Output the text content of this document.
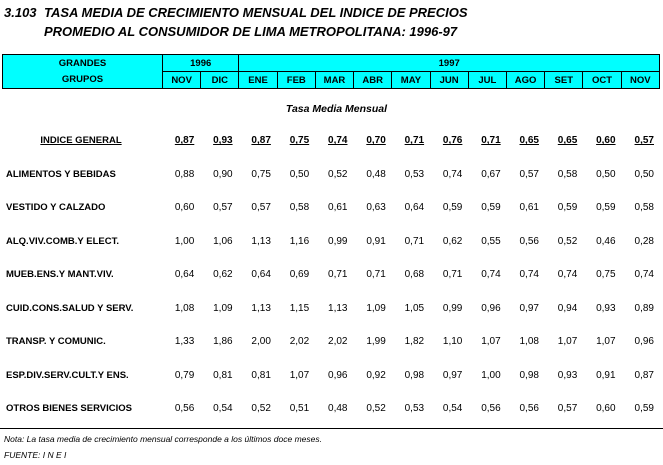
3.103 TASA MEDIA DE CRECIMIENTO MENSUAL DEL INDICE DE PRECIOS
PROMEDIO AL CONSUMIDOR DE LIMA METROPOLITANA: 1996-97
GRANDES	1996		1997										
GRUPOS	NOV	DIC	ENE	FEB	MAR	ABR	MAY	JUN	JUL	AGO	SET	OCT	NOV
Tasa Media Mensual
INDICE GENERAL	0,87	0,93	0,87	0,75	0,74	0,70	0,71	0,76	0,71	0,65	0,65	0,60	0,57
ALIMENTOS Y BEBIDAS	0,88	0,90	0,75	0,50	0,52	0,48	0,53	0,74	0,67	0,57	0,58	0,50	0,50
VESTIDO Y CALZADO	0,60	0,57	0,57	0,58	0,61	0,63	0,64	0,59	0,59	0,61	0,59	0,59	0,58
ALQ.VIV.COMB.Y ELECT.	1,00	1,06	1,13	1,16	0,99	0,91	0,71	0,62	0,55	0,56	0,52	0,46	0,28
MUEB.ENS.Y MANT.VIV.	0,64	0,62	0,64	0,69	0,71	0,71	0,68	0,71	0,74	0,74	0,74	0,75	0,74
CUID.CONS.SALUD Y SERV.	1,08	1,09	1,13	1,15	1,13	1,09	1,05	0,99	0,96	0,97	0,94	0,93	0,89
TRANSP. Y COMUNIC.	1,33	1,86	2,00	2,02	2,02	1,99	1,82	1,10	1,07	1,08	1,07	1,07	0,96
ESP.DIV.SERV.CULT.Y ENS.	0,79	0,81	0,81	1,07	0,96	0,92	0,98	0,97	1,00	0,98	0,93	0,91	0,87
OTROS BIENES SERVICIOS	0,56	0,54	0,52	0,51	0,48	0,52	0,53	0,54	0,56	0,56	0,57	0,60	0,59
Nota: La tasa media de crecimiento mensual corresponde a los últimos doce meses.
FUENTE: I N E I
